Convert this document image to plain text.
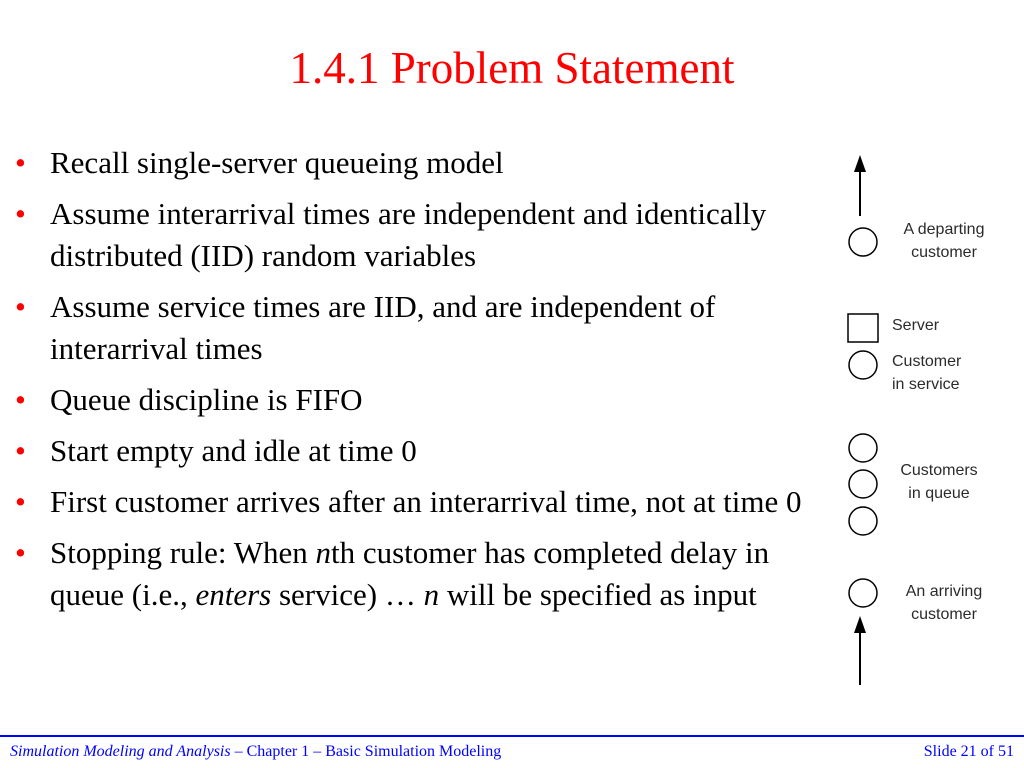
1.4.1 Problem Statement
• Recall single-server queueing model
• Assume interarrival times are independent and identically distributed (IID) random variables
• Assume service times are IID, and are independent of interarrival times
• Queue discipline is FIFO
• Start empty and idle at time 0
• First customer arrives after an interarrival time, not at time 0
• Stopping rule: When nth customer has completed delay in queue (i.e., enters service) … n will be specified as input
A departing
customer
Server
Customer
in service
Customers
in queue
An arriving
customer
Simulation Modeling and Analysis – Chapter 1 – Basic Simulation Modeling	Slide 21 of 51
